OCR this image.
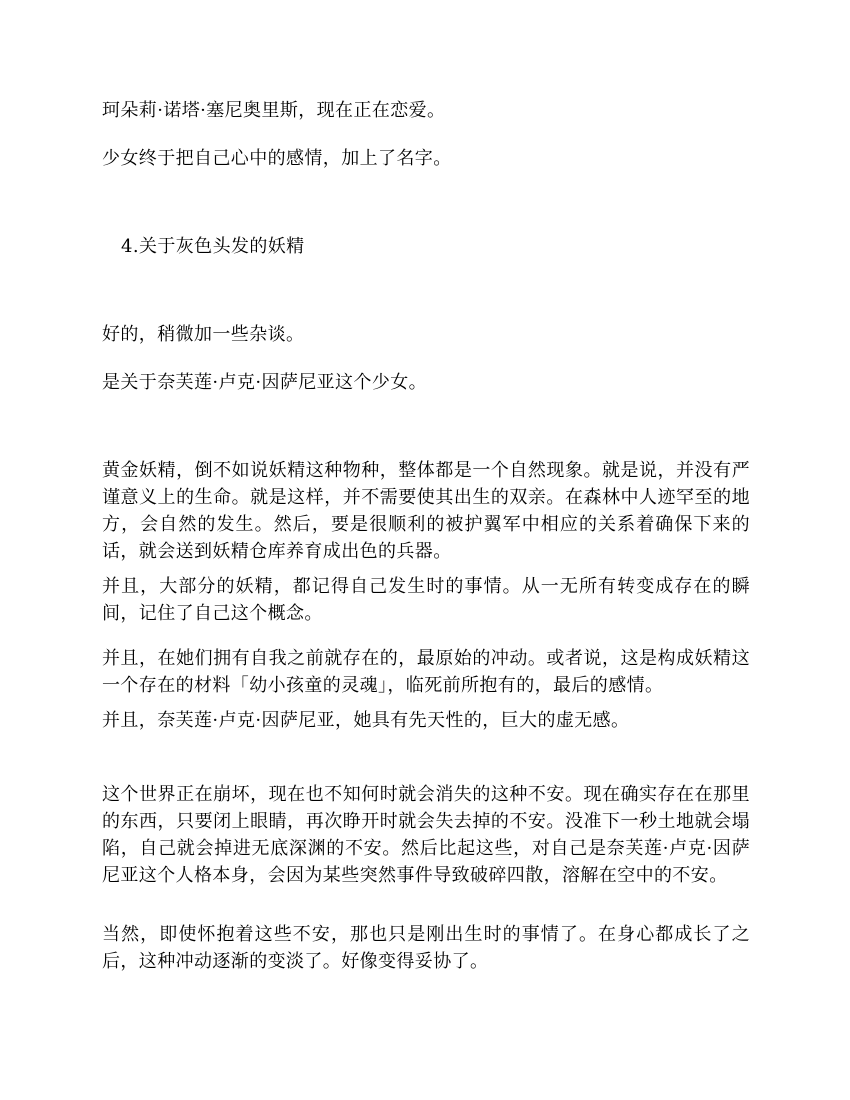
珂朵莉·诺塔·塞尼奥里斯，现在正在恋爱。

少女终于把自己心中的感情，加上了名字。

4.关于灰色头发的妖精

好的，稍微加一些杂谈。

是关于奈芙莲·卢克·因萨尼亚这个少女。

黄金妖精，倒不如说妖精这种物种，整体都是一个自然现象。就是说，并没有严谨意义上的生命。就是这样，并不需要使其出生的双亲。在森林中人迹罕至的地方，会自然的发生。然后，要是很顺利的被护翼军中相应的关系着确保下来的话，就会送到妖精仓库养育成出色的兵器。

并且，大部分的妖精，都记得自己发生时的事情。从一无所有转变成存在的瞬间，记住了自己这个概念。

并且，在她们拥有自我之前就存在的，最原始的冲动。或者说，这是构成妖精这一个存在的材料「幼小孩童的灵魂」，临死前所抱有的，最后的感情。

并且，奈芙莲·卢克·因萨尼亚，她具有先天性的，巨大的虚无感。

这个世界正在崩坏，现在也不知何时就会消失的这种不安。现在确实存在在那里的东西，只要闭上眼睛，再次睁开时就会失去掉的不安。没准下一秒土地就会塌陷，自己就会掉进无底深渊的不安。然后比起这些，对自己是奈芙莲·卢克·因萨尼亚这个人格本身，会因为某些突然事件导致破碎四散，溶解在空中的不安。

当然，即使怀抱着这些不安，那也只是刚出生时的事情了。在身心都成长了之后，这种冲动逐渐的变淡了。好像变得妥协了。
